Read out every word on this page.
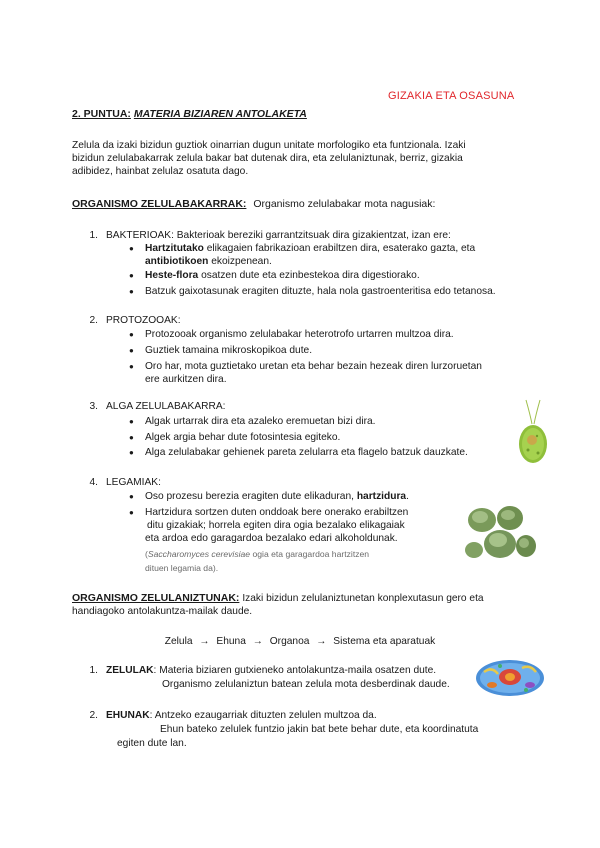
GIZAKIA ETA OSASUNA
2. PUNTUA: MATERIA BIZIAREN ANTOLAKETA
Zelula da izaki bizidun guztiok oinarrian dugun unitate morfologiko eta funtzionala. Izaki
bizidun zelulabakarrak zelula bakar bat dutenak dira, eta zelulaniztunak, berriz, gizakia
adibidez, hainbat zelulaz osatuta dago.
ORGANISMO ZELULABAKARRAK: Organismo zelulabakar mota nagusiak:
1. BAKTERIOAK: Bakterioak bereziki garrantzitsuak dira gizakientzat, izan ere:
● Hartzitutako elikagaien fabrikazioan erabiltzen dira, esaterako gazta, eta
antibiotikoen ekoizpenean.
● Heste-flora osatzen dute eta ezinbestekoa dira digestiorako.
● Batzuk gaixotasunak eragiten dituzte, hala nola gastroenteritisa edo tetanosa.
2. PROTOZOOAK:
● Protozooak organismo zelulabakar heterotrofo urtarren multzoa dira.
● Guztiek tamaina mikroskopikoa dute.
● Oro har, mota guztietako uretan eta behar bezain hezeak diren lurzoruetan
ere aurkitzen dira.
3. ALGA ZELULABAKARRA:
● Algak urtarrak dira eta azaleko eremuetan bizi dira.
● Algek argia behar dute fotosintesia egiteko.
● Alga zelulabakar gehienek pareta zelularra eta flagelo batzuk dauzkate.
4. LEGAMIAK:
● Oso prozesu berezia eragiten dute elikaduran, hartzidura.
● Hartzidura sortzen duten onddoak bere onerako erabiltzen
ditu gizakiak; horrela egiten dira ogia bezalako elikagaiak
eta ardoa edo garagardoa bezalako edari alkoholdunak.
(Saccharomyces cerevisiae ogia eta garagardoa hartzitzen
dituen legamia da).
ORGANISMO ZELULANIZTUNAK: Izaki bizidun zelulaniztunetan konplexutasun gero eta
handiagoko antolakuntza-mailak daude.
Zelula → Ehuna → Organoa → Sistema eta aparatuak
1. ZELULAK: Materia biziaren gutxieneko antolakuntza-maila osatzen dute.
Organismo zelulaniztun batean zelula mota desberdinak daude.
2. EHUNAK: Antzeko ezaugarriak dituzten zelulen multzoa da.
Ehun bateko zelulek funtzio jakin bat bete behar dute, eta koordinatuta
egiten dute lan.
